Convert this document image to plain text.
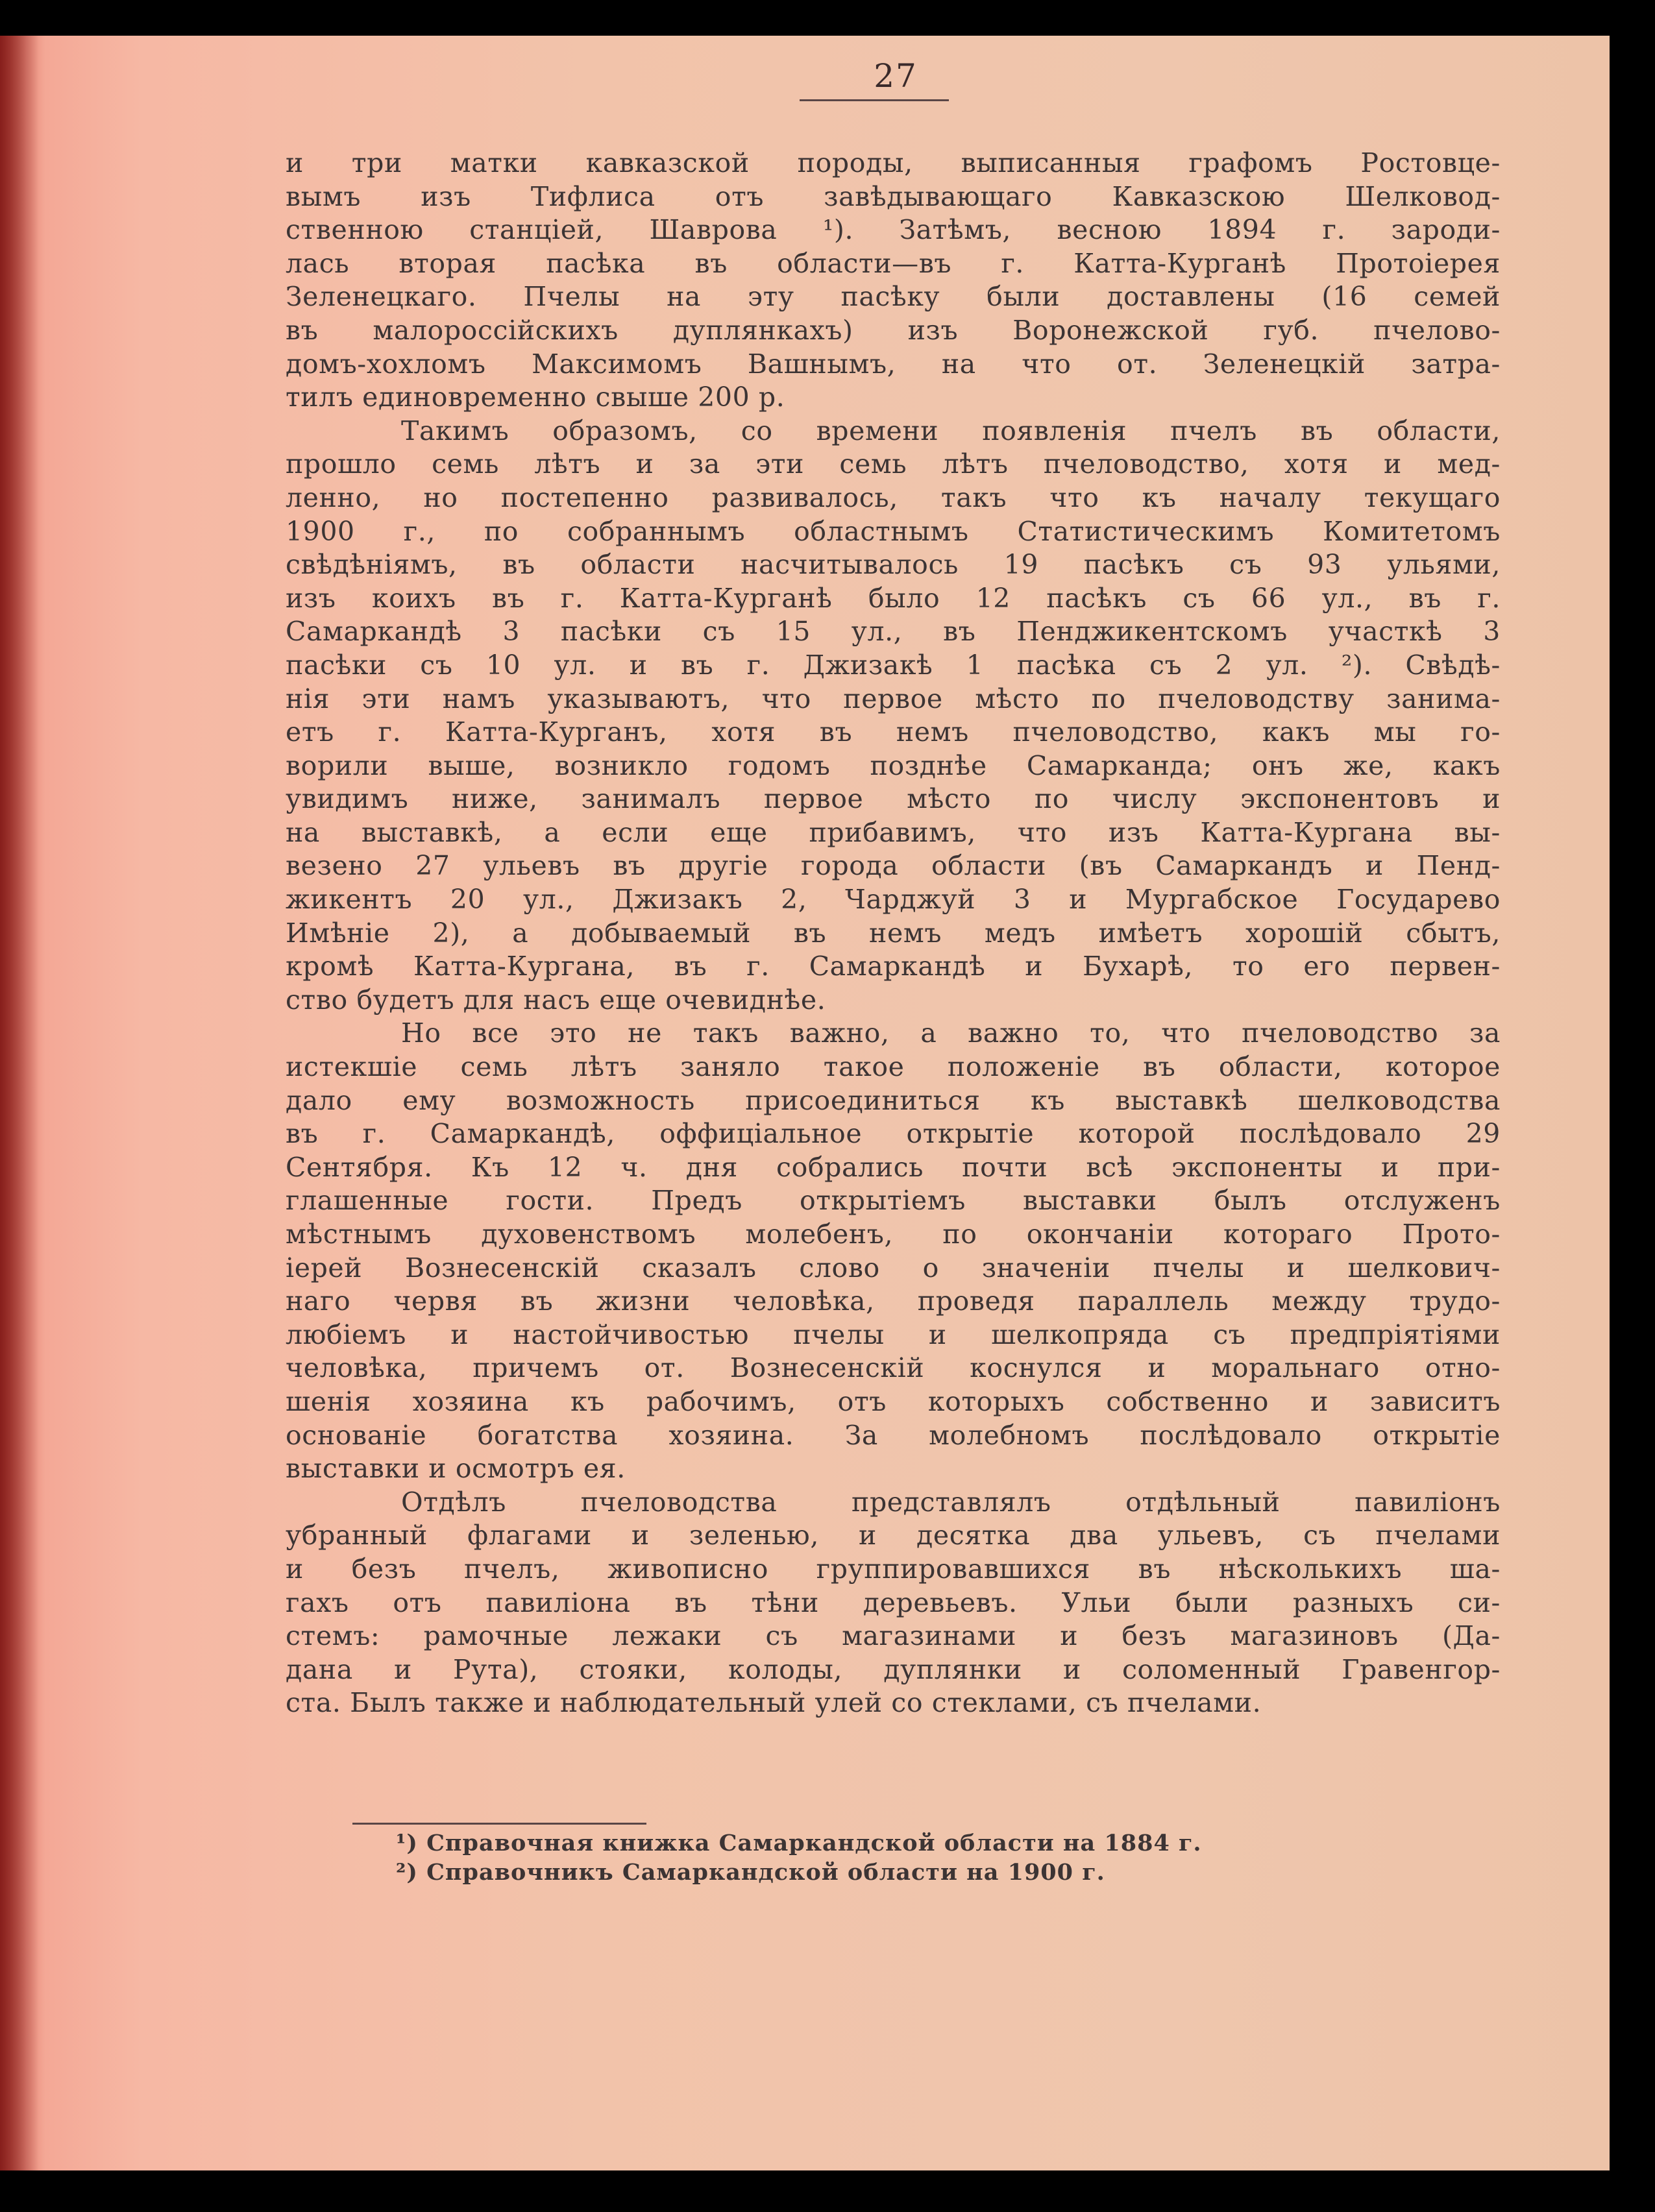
27
и три матки кавказской породы, выписанныя графомъ Ростовце-
вымъ изъ Тифлиса отъ завѣдывающаго Кавказскою Шелковод-
ственною станціей, Шаврова ¹). Затѣмъ, весною 1894 г. зароди-
лась вторая пасѣка въ области—въ г. Катта-Курганѣ Протоіерея
Зеленецкаго. Пчелы на эту пасѣку были доставлены (16 семей
въ малороссійскихъ дуплянкахъ) изъ Воронежской губ. пчелово-
домъ-хохломъ Максимомъ Вашнымъ, на что от. Зеленецкій затра-
тилъ единовременно свыше 200 р.
Такимъ образомъ, со времени появленія пчелъ въ области,
прошло семь лѣтъ и за эти семь лѣтъ пчеловодство, хотя и мед-
ленно, но постепенно развивалось, такъ что къ началу текущаго
1900 г., по собраннымъ областнымъ Статистическимъ Комитетомъ
свѣдѣніямъ, въ области насчитывалось 19 пасѣкъ съ 93 ульями,
изъ коихъ въ г. Катта-Курганѣ было 12 пасѣкъ съ 66 ул., въ г.
Самаркандѣ 3 пасѣки съ 15 ул., въ Пенджикентскомъ участкѣ 3
пасѣки съ 10 ул. и въ г. Джизакѣ 1 пасѣка съ 2 ул. ²). Свѣдѣ-
нія эти намъ указываютъ, что первое мѣсто по пчеловодству занима-
етъ г. Катта-Курганъ, хотя въ немъ пчеловодство, какъ мы го-
ворили выше, возникло годомъ позднѣе Самарканда; онъ же, какъ
увидимъ ниже, занималъ первое мѣсто по числу экспонентовъ и
на выставкѣ, а если еще прибавимъ, что изъ Катта-Кургана вы-
везено 27 ульевъ въ другіе города области (въ Самаркандъ и Пенд-
жикентъ 20 ул., Джизакъ 2, Чарджуй 3 и Мургабское Государево
Имѣніе 2), а добываемый въ немъ медъ имѣетъ хорошій сбытъ,
кромѣ Катта-Кургана, въ г. Самаркандѣ и Бухарѣ, то его первен-
ство будетъ для насъ еще очевиднѣе.
Но все это не такъ важно, а важно то, что пчеловодство за
истекшіе семь лѣтъ заняло такое положеніе въ области, которое
дало ему возможность присоединиться къ выставкѣ шелководства
въ г. Самаркандѣ, оффиціальное открытіе которой послѣдовало 29
Сентября. Къ 12 ч. дня собрались почти всѣ экспоненты и при-
глашенные гости. Предъ открытіемъ выставки былъ отслуженъ
мѣстнымъ духовенствомъ молебенъ, по окончаніи котораго Прото-
іерей Вознесенскій сказалъ слово о значеніи пчелы и шелкович-
наго червя въ жизни человѣка, проведя параллель между трудо-
любіемъ и настойчивостью пчелы и шелкопряда съ предпріятіями
человѣка, причемъ от. Вознесенскій коснулся и моральнаго отно-
шенія хозяина къ рабочимъ, отъ которыхъ собственно и зависитъ
основаніе богатства хозяина. За молебномъ послѣдовало открытіе
выставки и осмотръ ея.
Отдѣлъ пчеловодства представлялъ отдѣльный павиліонъ
убранный флагами и зеленью, и десятка два ульевъ, съ пчелами
и безъ пчелъ, живописно группировавшихся въ нѣсколькихъ ша-
гахъ отъ павиліона въ тѣни деревьевъ. Ульи были разныхъ си-
стемъ: рамочные лежаки съ магазинами и безъ магазиновъ (Да-
дана и Рута), стояки, колоды, дуплянки и соломенный Гравенгор-
ста. Былъ также и наблюдательный улей со стеклами, съ пчелами.
¹) Справочная книжка Самаркандской области на 1884 г.
²) Справочникъ Самаркандской области на 1900 г.
